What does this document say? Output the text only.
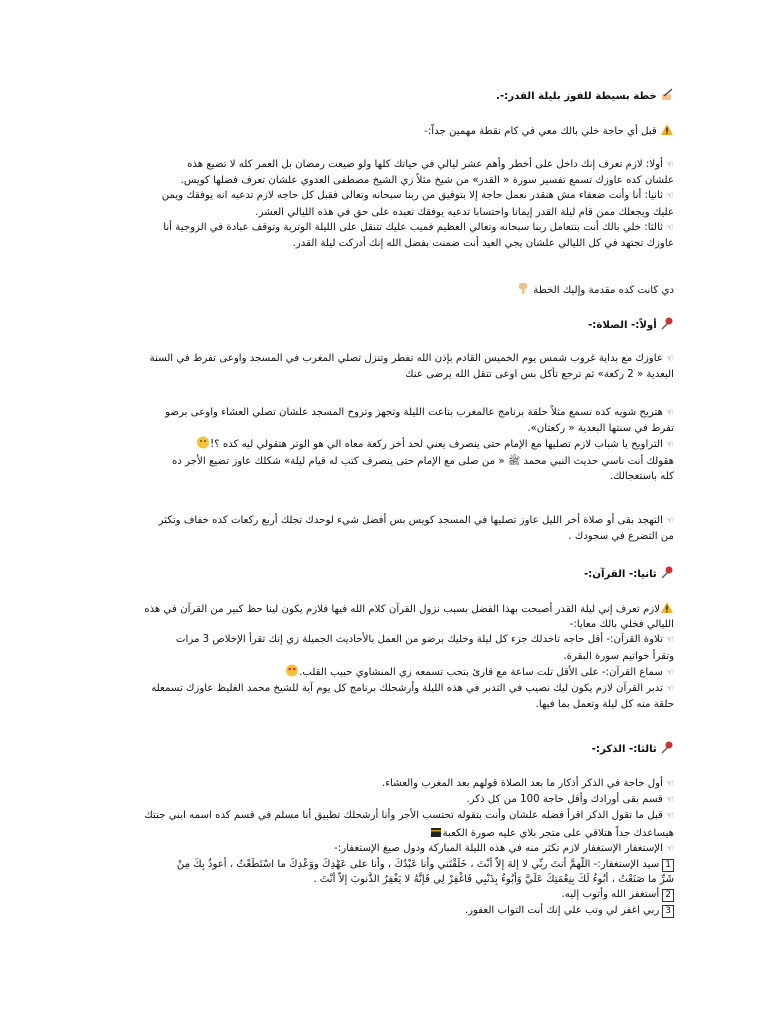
خطة بسيطة للفوز بليلة القدر:-.
قبل أي حاجة خلي بالك معي في كام نقطة مهمين جداً:-
☜أولا: لازم تعرف إنك داخل على أخطر وأهم عشر ليالي في حياتك كلها ولو ضيعت رمضان بل العمر كله لا تضيع هذه
علشان كده عاوزك تسمع تفسير سورة « القدر» من شيخ مثلاً زي الشيخ مصطفى العدوي علشان تعرف فضلها كويس.
☜ثانيا: أنا وأنت ضعفاء مش هنقدر نعمل حاجة إلا بتوفيق من ربنا سبحانه وتعالى فقبل كل حاجه لازم تدعيه انه يوفقك ويمن
عليك ويجعلك ممن قام ليلة القدر إيمانا واحتسابا تدعيه يوفقك تعبده على حق في هذه الليالي العشر.
☜ثالثا: خلي بالك أنت بتتعامل ربنا سبحانه وتعالي العظيم فميب عليك تتنقل على الليلة الوترية وتوقف عبادة في الزوجية أنا
عاوزك تجتهد في كل الليالي علشان يجي العيد أنت ضمنت بفضل الله إنك أدركت ليلة القدر.
دي كانت كده مقدمة وإليك الخطة
أولاً:- الصلاة:-
☜عاوزك مع بداية غروب شمس يوم الخميس القادم بإذن الله تفطر وتنزل تصلي المغرب في المسجد واوعى تفرط في السنة
البعدية « 2 ركعة» ثم ترجع تأكل بس اوعى تتقل الله يرضى عنك
☜هتريح شويه كده تسمع مثلاً حلقة برنامج عالمغرب بتاعت الليلة وتجهز وتروح المسجد علشان تصلي العشاء واوعى برضو
تفرط في سنتها البعدية « ركعتان».
☜التراويح يا شباب لازم تصليها مع الإمام حتى ينصرف يعني لحد أخر ركعة معاه الي هو الوتر هتقولي ليه كده ؟!
هقولك أنت ناسي حديث النبي محمد ﷺ « من صلى مع الإمام حتى ينصرف كتب له قيام ليلة» شكلك عاوز تضيع الأجر ده
كله باستعجالك.
☜التهجد بقى أو صلاة أخر الليل عاوز تصليها في المسجد كويس بس أفضل شيء لوحدك تجلك أربع ركعات كده خفاف وتكثر
من التضرع في سجودك .
ثانيا:- القرآن:-
لازم تعرف إني ليلة القدر أصبحت بهذا الفضل بسبب نزول القرآن كلام الله فيها فلازم يكون لينا حظ كبير من القرآن في هذه
الليالي فخلي بالك معايا:-
☜تلاوة القرآن:- أقل حاجه تاخدلك جزء كل ليلة وخليك برضو من العمل بالأحاديث الجميلة زي إنك تقرأ الإخلاص 3 مرات
وتقرأ خواتيم سورة البقرة.
☜سماع القرآن:- على الأقل تلت ساعة مع قارئ بتحب تسمعه زي المنشاوي حبيب القلب.
☜تدبر القرآن لازم يكون ليك نصيب في التدبر في هذه الليلة وأرشحلك برنامج كل يوم آية للشيخ محمد الغليظ عاوزك تسمعله
حلقة منه كل ليلة وتعمل بما فيها.
ثالثا:- الذكر:-
☜أول حاجة في الذكر أذكار ما بعد الصلاة قولهم بعد المغرب والعشاء.
☜قسم بقى أورادك وأقل حاجة 100 من كل ذكر.
☜قبل ما تقول الذكر اقرأ فضله علشان وأنت بتقوله تحتسب الأجر وأنا أرشحلك تطبيق أنا مسلم في قسم كده اسمه ابني جنتك
هيساعدك جداً هتلاقي على متجر بلاي عليه صورة الكعبة
☜الإستغفار الإستغفار لازم تكثر منه في هذه الليلة المباركة ودول صيغ الإستغفار:-
1سيد الإستغفار:- اللَّهمَّ أنتَ ربِّي لا إلهَ إلاَّ أنْتَ ، خَلَقْتَني وأنا عَبْدُكَ ، وأنا على عَهْدِكَ ووَعْدِكَ ما اسْتَطَعْتُ ، أعوذُ بِكَ مِنْ
شَرِّ ما صَنَعْتُ ، أبُوءُ لَكَ بِنِعْمَتِكَ عَلَيَّ وَأَبُوءُ بِذَنْبِي فَاغْفِرْ لِي فَإنَّهُ لا يَغْفِرُ الذُّنوبَ إلاَّ أنْتَ .
2أستغفر الله وأتوب إليه.
3ربي اغفر لي وتب علي إنك أنت التواب الغفور.
